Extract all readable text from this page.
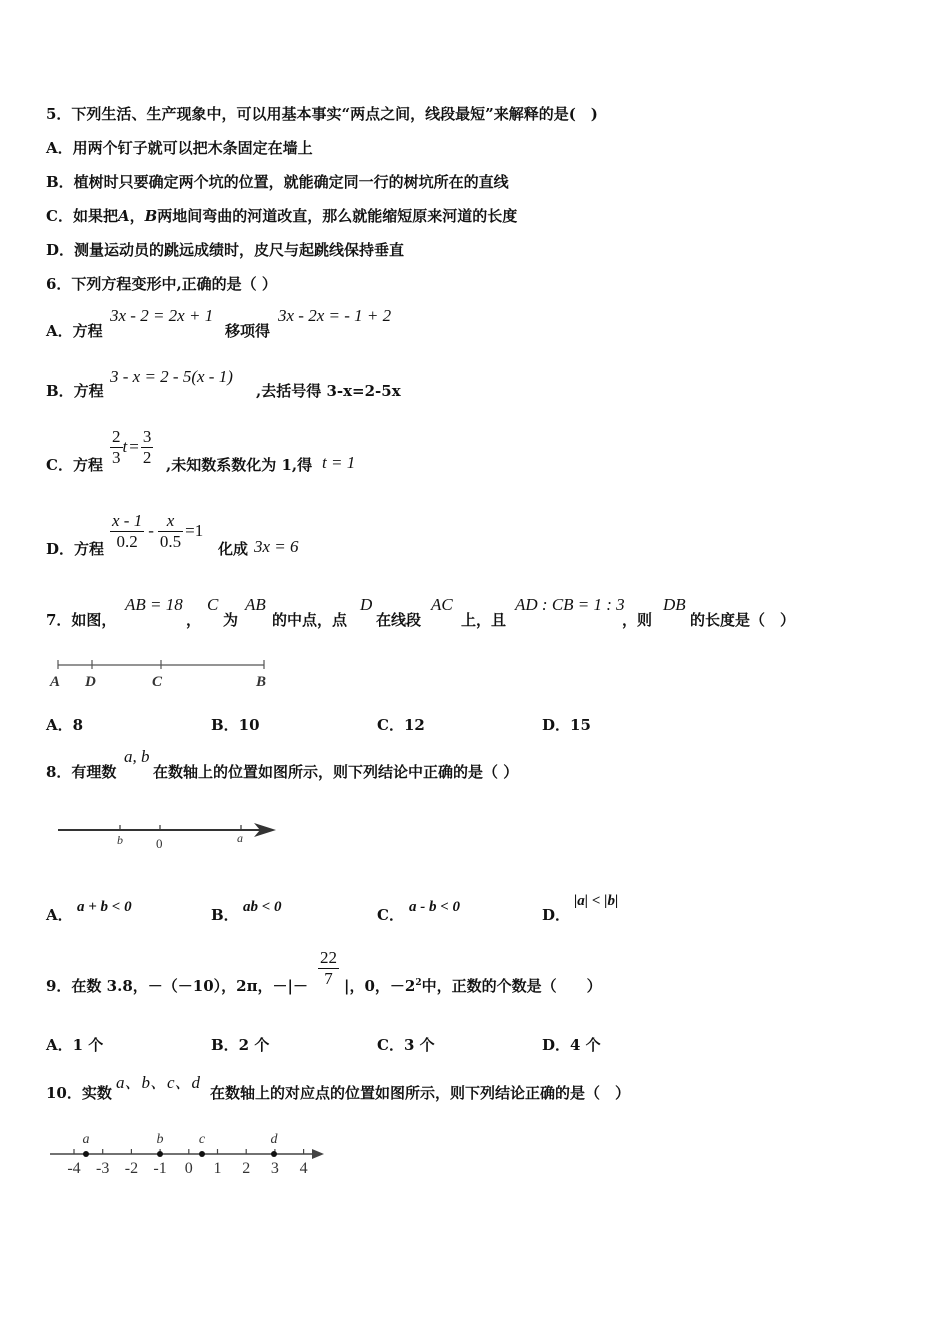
5．下列生活、生产现象中，可以用基本事实“两点之间，线段最短”来解释的是(　)
A．用两个钉子就可以把木条固定在墙上
B．植树时只要确定两个坑的位置，就能确定同一行的树坑所在的直线
C．如果把A，B两地间弯曲的河道改直，那么就能缩短原来河道的长度
D．测量运动员的跳远成绩时，皮尺与起跳线保持垂直
6．下列方程变形中,正确的是（ ）
A．方程
3x - 2 = 2x + 1
移项得
3x - 2x = - 1 + 2
B．方程
3 - x = 2 - 5(x - 1)
,去括号得 3-x=2-5x
C．方程 $\frac{2}{3}$ $t = \frac{3}{2}$ ,未知数系数化为 1,得 t = 1
D．方程 $\frac{x - 1}{0.2} - \frac{x}{0.5} =1$
化成 3x = 6
7．如图，
AB = 18
，
C
为
AB
的中点，点
D
在线段
AC
上，且
AD : CB = 1 : 3
，则
DB
的长度是（　）
A D	C	B
A．8	B．10	C．12	D．15
8．有理数
a, b
在数轴上的位置如图所示，则下列结论中正确的是（ ）
b	0	a
A． a + b < 0	B． ab < 0	C． a - b < 0	D．
|a| < |b|
9．在数 3.8，－（－10），2π，－|－ $\frac{22}{7}$ |，0，$-2^2$中，正数的个数是（　　）
A．1 个	B．2 个	C．3 个	D．4 个
10．实数
a、b、c、d
在数轴上的对应点的位置如图所示，则下列结论正确的是（　）
-4 -3 -2 -1 0 1 2 3 4
a	b	c	d
